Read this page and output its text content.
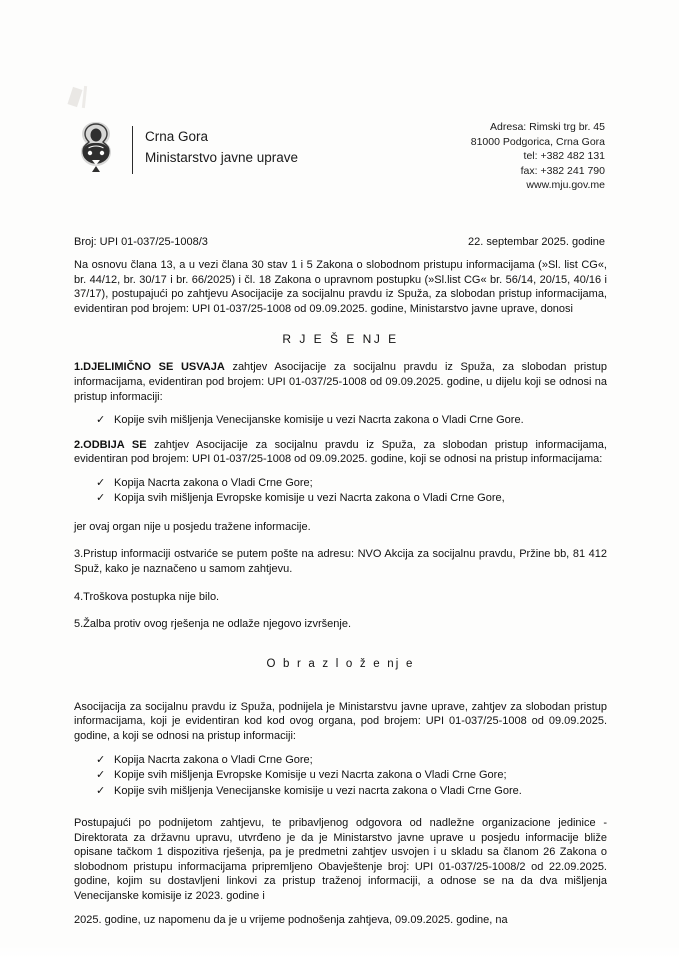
Crna Gora
Ministarstvo javne uprave
Adresa: Rimski trg br. 45
81000 Podgorica, Crna Gora
tel: +382 482 131
fax: +382 241 790
www.mju.gov.me
Broj: UPI 01-037/25-1008/3	22. septembar 2025. godine

Na osnovu člana 13, a u vezi člana 30 stav 1 i 5 Zakona o slobodnom pristupu informacijama (»Sl. list CG«, br. 44/12, br. 30/17 i br. 66/2025) i čl. 18 Zakona o upravnom postupku (»Sl.list CG« br. 56/14, 20/15, 40/16 i 37/17), postupajući po zahtjevu Asocijacije za socijalnu pravdu iz Spuža, za slobodan pristup informacijama, evidentiran pod brojem: UPI 01-037/25-1008 od 09.09.2025. godine, Ministarstvo javne uprave, donosi

R J E Š E NJ E

1.DJELIMIČNO SE USVAJA zahtjev Asocijacije za socijalnu pravdu iz Spuža, za slobodan pristup informacijama, evidentiran pod brojem: UPI 01-037/25-1008 od 09.09.2025. godine, u dijelu koji se odnosi na pristup informaciji:

✓ Kopije svih mišljenja Venecijanske komisije u vezi Nacrta zakona o Vladi Crne Gore.

2.ODBIJA SE zahtjev Asocijacije za socijalnu pravdu iz Spuža, za slobodan pristup informacijama, evidentiran pod brojem: UPI 01-037/25-1008 od 09.09.2025. godine, koji se odnosi na pristup informacijama:

✓ Kopija Nacrta zakona o Vladi Crne Gore;
✓ Kopija svih mišljenja Evropske komisije u vezi Nacrta zakona o Vladi Crne Gore,

jer ovaj organ nije u posjedu tražene informacije.

3.Pristup informaciji ostvariće se putem pošte na adresu: NVO Akcija za socijalnu pravdu, Pržine bb, 81 412 Spuž, kako je naznačeno u samom zahtjevu.

4.Troškova postupka nije bilo.

5.Žalba protiv ovog rješenja ne odlaže njegovo izvršenje.

O b r a z l o ž e nj e

Asocijacija za socijalnu pravdu iz Spuža, podnijela je Ministarstvu javne uprave, zahtjev za slobodan pristup informacijama, koji je evidentiran kod kod ovog organa, pod brojem: UPI 01-037/25-1008 od 09.09.2025. godine, a koji se odnosi na pristup informaciji:

✓ Kopija Nacrta zakona o Vladi Crne Gore;
✓ Kopije svih mišljenja Evropske Komisije u vezi Nacrta zakona o Vladi Crne Gore;
✓ Kopije svih mišljenja Venecijanske komisije u vezi nacrta zakona o Vladi Crne Gore.

Postupajući po podnijetom zahtjevu, te pribavljenog odgovora od nadležne organizacione jedinice - Direktorata za državnu upravu, utvrđeno je da je Ministarstvo javne uprave u posjedu informacije bliže opisane tačkom 1 dispozitiva rješenja, pa je predmetni zahtjev usvojen i u skladu sa članom 26 Zakona o slobodnom pristupu informacijama pripremljeno Obavještenje broj: UPI 01-037/25-1008/2 od 22.09.2025. godine, kojim su dostavljeni linkovi za pristup traženoj informaciji, a odnose se na da dva mišljenja Venecijanske komisije iz 2023. godine i

2025. godine, uz napomenu da je u vrijeme podnošenja zahtjeva, 09.09.2025. godine, na
